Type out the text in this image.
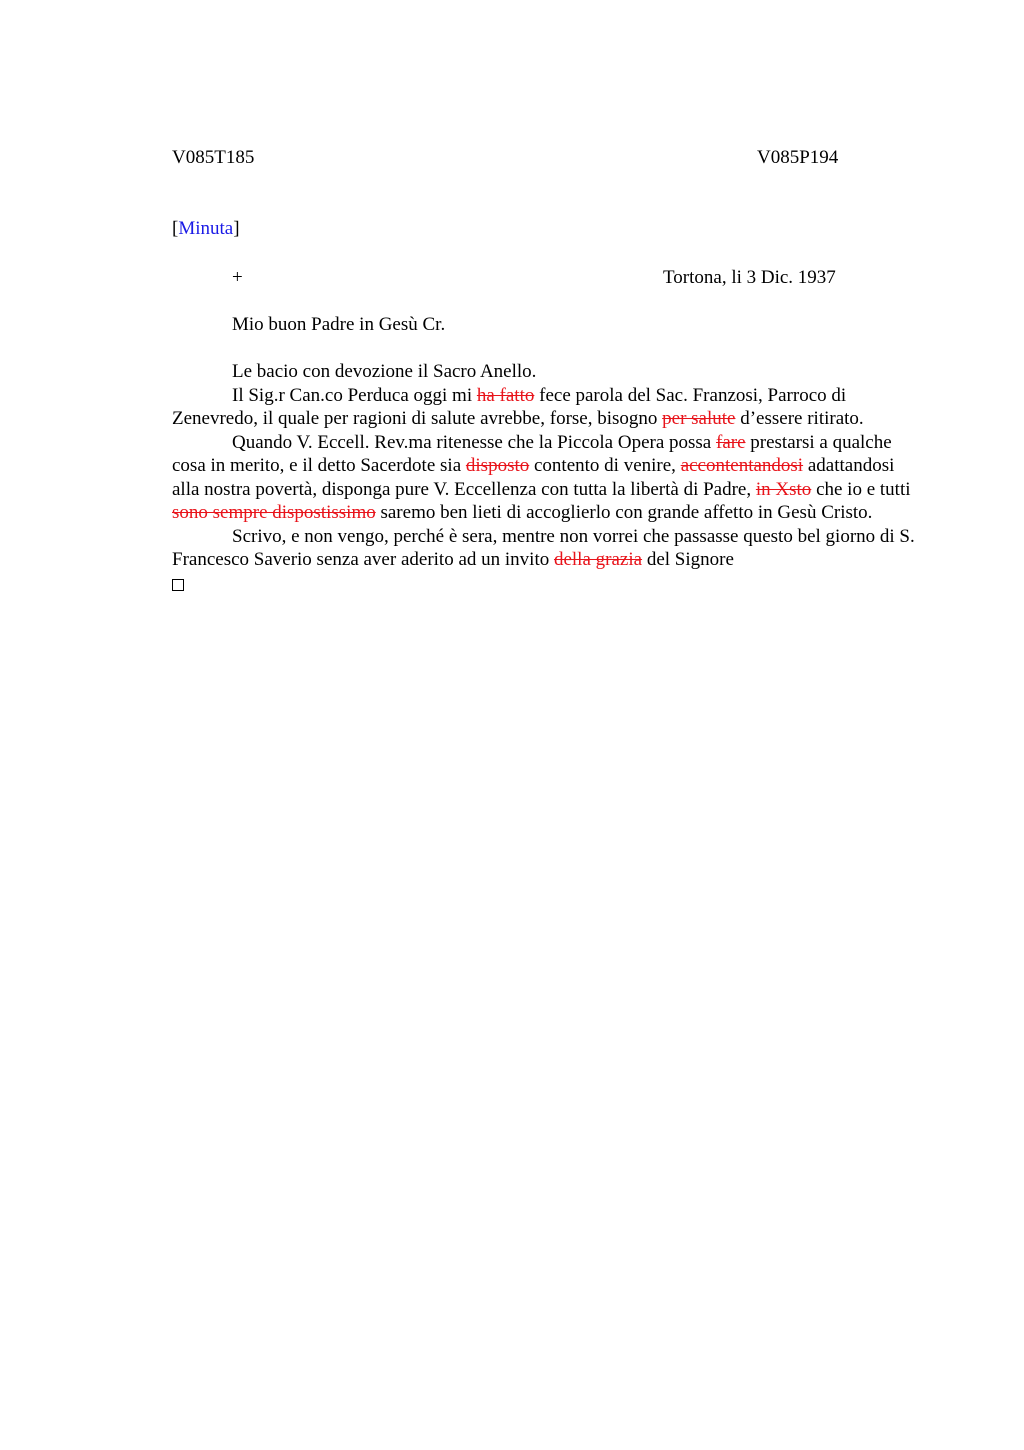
V085T185	V085P194
[Minuta]
+	Tortona, li 3 Dic. 1937
Mio buon Padre in Gesù Cr.

Le bacio con devozione il Sacro Anello.

Il Sig.r Can.co Perduca oggi mi ha fatto fece parola del Sac. Franzosi, Parroco di Zenevredo, il quale per ragioni di salute avrebbe, forse, bisogno per salute d’essere ritirato.

Quando V. Eccell. Rev.ma ritenesse che la Piccola Opera possa fare prestarsi a qualche cosa in merito, e il detto Sacerdote sia disposto contento di venire, accontentandosi adattandosi alla nostra povertà, disponga pure V. Eccellenza con tutta la libertà di Padre, in Xsto che io e tutti sono sempre dispostissimo saremo ben lieti di accoglierlo con grande affetto in Gesù Cristo.

Scrivo, e non vengo, perché è sera, mentre non vorrei che passasse questo bel giorno di S. Francesco Saverio senza aver aderito ad un invito della grazia del Signore
